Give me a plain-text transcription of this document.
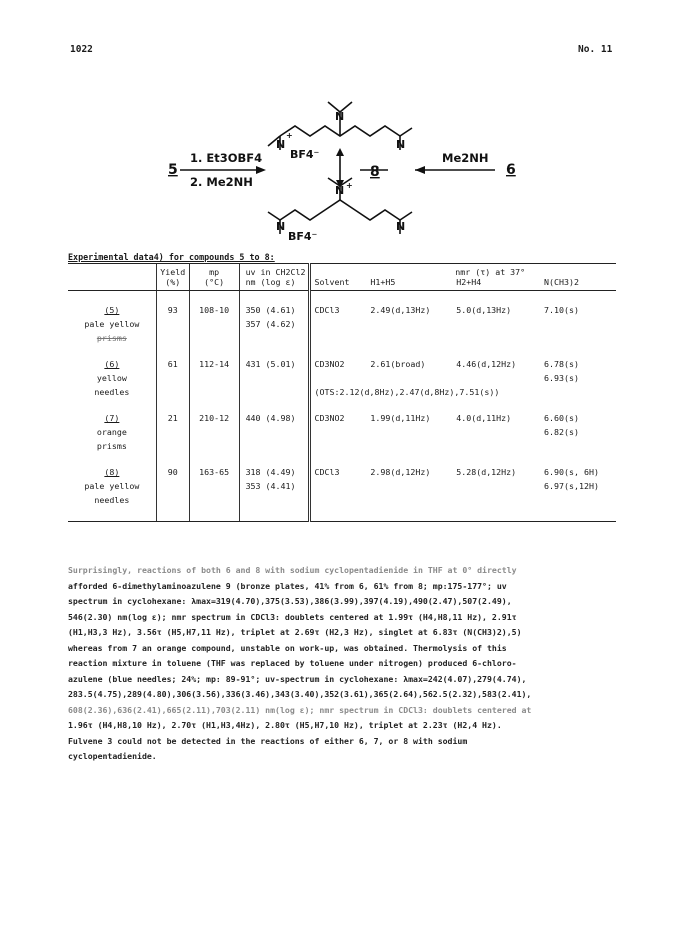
1022	No. 11
N
N
+
N
N +
N	N
BF4⁻
BF4⁻
5
1. Et3OBF4
2. Me2NH
8
Me2NH
6
Experimental data4) for compounds 5 to 8:
	Yield	mp	uv in CH2Cl2		nmr (τ) at 37°		
	(%)	(°C)	nm (log ε)	Solvent	H1+H5	H2+H4	N(CH3)2
(5)	93	108-10	350 (4.61)	CDCl3	2.49(d,13Hz)	5.0(d,13Hz)	7.10(s)
pale yellow			357 (4.62)				
prisms							
(6)	61	112-14	431 (5.01)	CD3NO2	2.61(broad)	4.46(d,12Hz)	6.78(s)
yellow							6.93(s)
needles				(OTS:2.12(d,8Hz),2.47(d,8Hz),7.51(s))			
(7)	21	210-12	440 (4.98)	CD3NO2	1.99(d,11Hz)	4.0(d,11Hz)	6.60(s)
orange							6.82(s)
prisms							
(8)	90	163-65	318 (4.49)	CDCl3	2.98(d,12Hz)	5.28(d,12Hz)	6.90(s, 6H)
pale yellow			353 (4.41)				6.97(s,12H)
needles							

Surprisingly, reactions of both 6 and 8 with sodium cyclopentadienide in THF at 0° directly

afforded 6-dimethylaminoazulene 9 (bronze plates, 41% from 6, 61% from 8; mp:175-177°; uv

spectrum in cyclohexane: λmax=319(4.70),375(3.53),386(3.99),397(4.19),490(2.47),507(2.49),

546(2.30) nm(log ε); nmr spectrum in CDCl3: doublets centered at 1.99τ (H4,H8,11 Hz), 2.91τ

(H1,H3,3 Hz), 3.56τ (H5,H7,11 Hz), triplet at 2.69τ (H2,3 Hz), singlet at 6.83τ (N(CH3)2),5)

whereas from 7 an orange compound, unstable on work-up, was obtained. Thermolysis of this

reaction mixture in toluene (THF was replaced by toluene under nitrogen) produced 6-chloro-

azulene (blue needles; 24%; mp: 89-91°; uv-spectrum in cyclohexane: λmax=242(4.07),279(4.74),

283.5(4.75),289(4.80),306(3.56),336(3.46),343(3.40),352(3.61),365(2.64),562.5(2.32),583(2.41),

608(2.36),636(2.41),665(2.11),703(2.11) nm(log ε); nmr spectrum in CDCl3: doublets centered at

1.96τ (H4,H8,10 Hz), 2.70τ (H1,H3,4Hz), 2.80τ (H5,H7,10 Hz), triplet at 2.23τ (H2,4 Hz).

Fulvene 3 could not be detected in the reactions of either 6, 7, or 8 with sodium

cyclopentadienide.
